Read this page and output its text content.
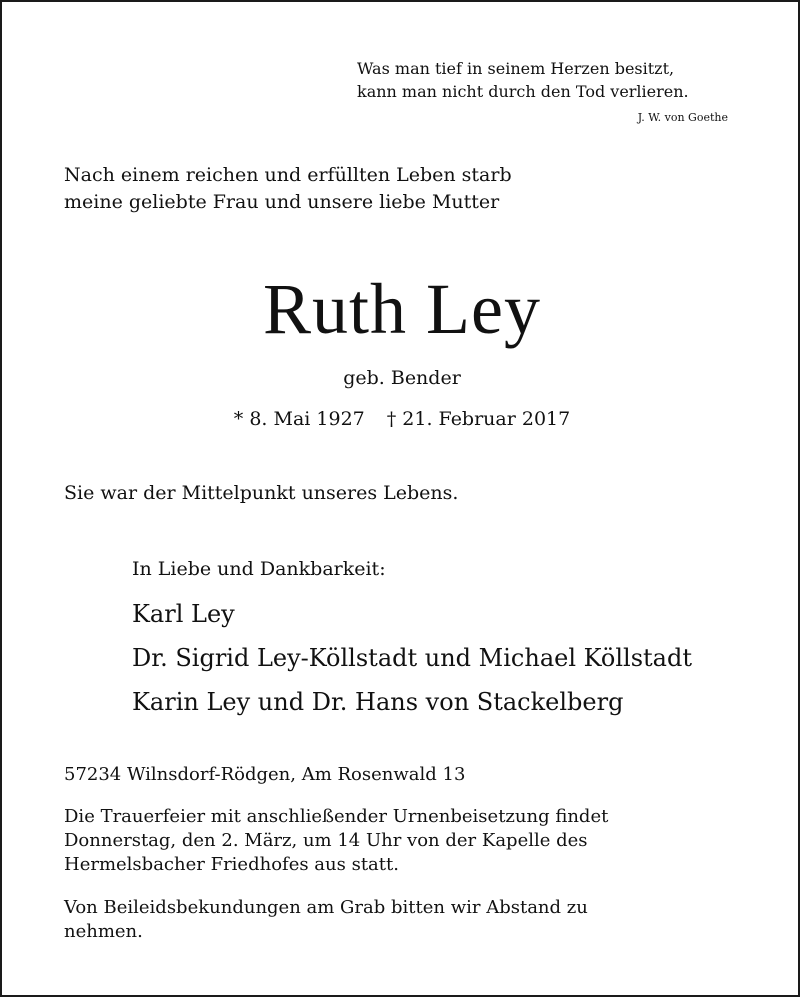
Was man tief in seinem Herzen besitzt,
kann man nicht durch den Tod verlieren.
J. W. von Goethe
Nach einem reichen und erfüllten Leben starb
meine geliebte Frau und unsere liebe Mutter
Ruth Ley
geb. Bender
* 8. Mai 1927 † 21. Februar 2017
Sie war der Mittelpunkt unseres Lebens.
In Liebe und Dankbarkeit:
Karl Ley
Dr. Sigrid Ley-Köllstadt und Michael Köllstadt
Karin Ley und Dr. Hans von Stackelberg
57234 Wilnsdorf-Rödgen, Am Rosenwald 13
Die Trauerfeier mit anschließender Urnenbeisetzung findet
Donnerstag, den 2. März, um 14 Uhr von der Kapelle des
Hermelsbacher Friedhofes aus statt.
Von Beileidsbekundungen am Grab bitten wir Abstand zu
nehmen.
